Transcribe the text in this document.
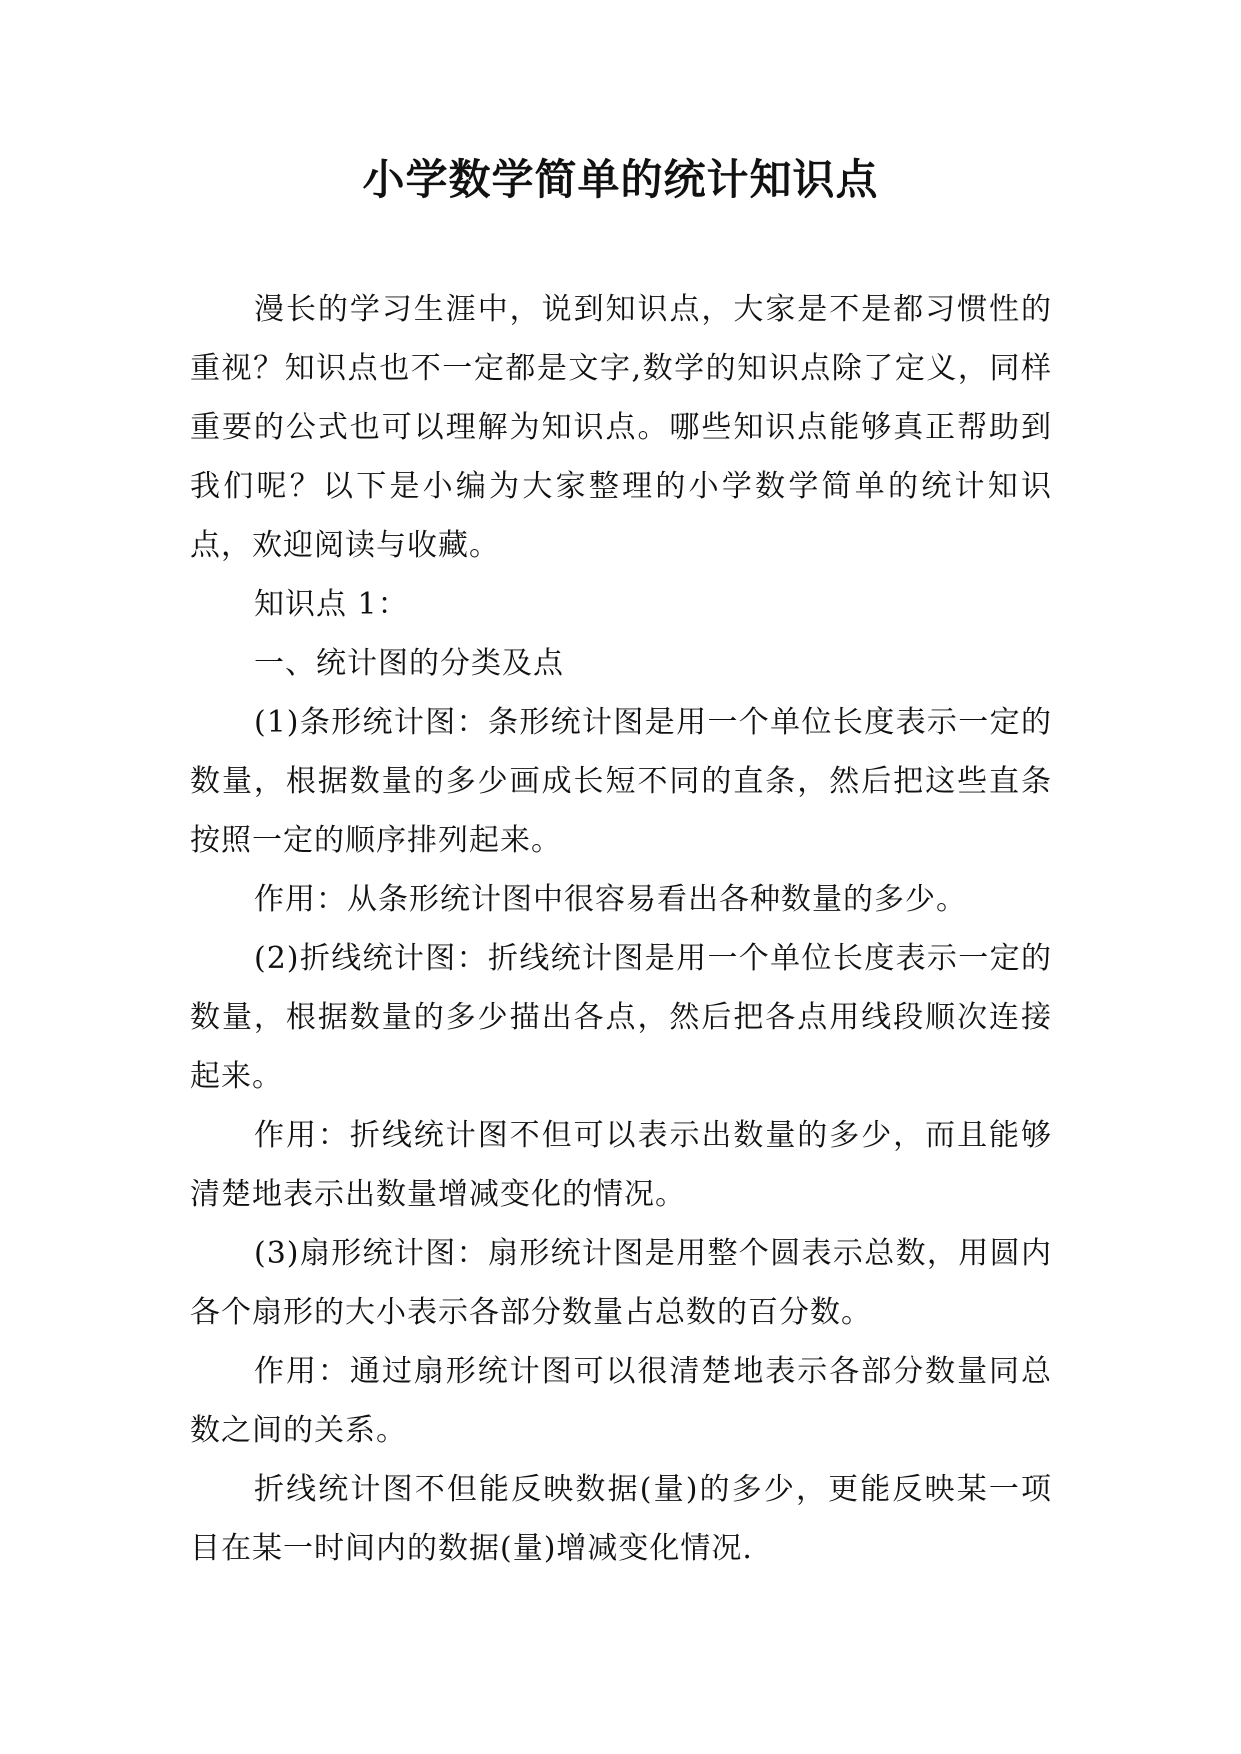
小学数学简单的统计知识点

漫长的学习生涯中，说到知识点，大家是不是都习惯性的重视？知识点也不一定都是文字,数学的知识点除了定义，同样重要的公式也可以理解为知识点。哪些知识点能够真正帮助到我们呢？以下是小编为大家整理的小学数学简单的统计知识点，欢迎阅读与收藏。

知识点 1：

一、统计图的分类及点

(1)条形统计图：条形统计图是用一个单位长度表示一定的数量，根据数量的多少画成长短不同的直条，然后把这些直条按照一定的顺序排列起来。

作用：从条形统计图中很容易看出各种数量的多少。

(2)折线统计图：折线统计图是用一个单位长度表示一定的数量，根据数量的多少描出各点，然后把各点用线段顺次连接起来。

作用：折线统计图不但可以表示出数量的多少，而且能够清楚地表示出数量增减变化的情况。

(3)扇形统计图：扇形统计图是用整个圆表示总数，用圆内各个扇形的大小表示各部分数量占总数的百分数。

作用：通过扇形统计图可以很清楚地表示各部分数量同总数之间的关系。

折线统计图不但能反映数据(量)的多少，更能反映某一项目在某一时间内的数据(量)增减变化情况.
